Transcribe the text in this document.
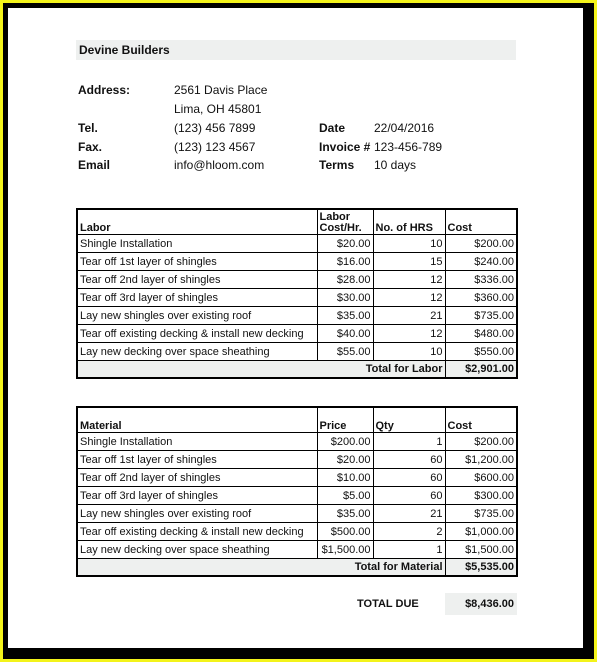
Devine Builders
Address:	2561 Davis Place
Lima, OH 45801
Tel.	(123) 456 7899	Date 22/04/2016
Fax.	(123) 123 4567	Invoice # 123-456-789
Email	info@hloom.com	Terms 10 days
Labor	Labor Cost/Hr.	No. of HRS	Cost
Shingle Installation	$20.00	10	$200.00
Tear off 1st layer of shingles	$16.00	15	$240.00
Tear off 2nd layer of shingles	$28.00	12	$336.00
Tear off 3rd layer of shingles	$30.00	12	$360.00
Lay new shingles over existing roof	$35.00	21	$735.00
Tear off existing decking & install new decking	$40.00	12	$480.00
Lay new decking over space sheathing	$55.00	10	$550.00
Total for Labor			$2,901.00
Material	Price	Qty	Cost
Shingle Installation	$200.00	1	$200.00
Tear off 1st layer of shingles	$20.00	60	$1,200.00
Tear off 2nd layer of shingles	$10.00	60	$600.00
Tear off 3rd layer of shingles	$5.00	60	$300.00
Lay new shingles over existing roof	$35.00	21	$735.00
Tear off existing decking & install new decking	$500.00	2	$1,000.00
Lay new decking over space sheathing	$1,500.00	1	$1,500.00
Total for Material			$5,535.00
TOTAL DUE	$8,436.00
